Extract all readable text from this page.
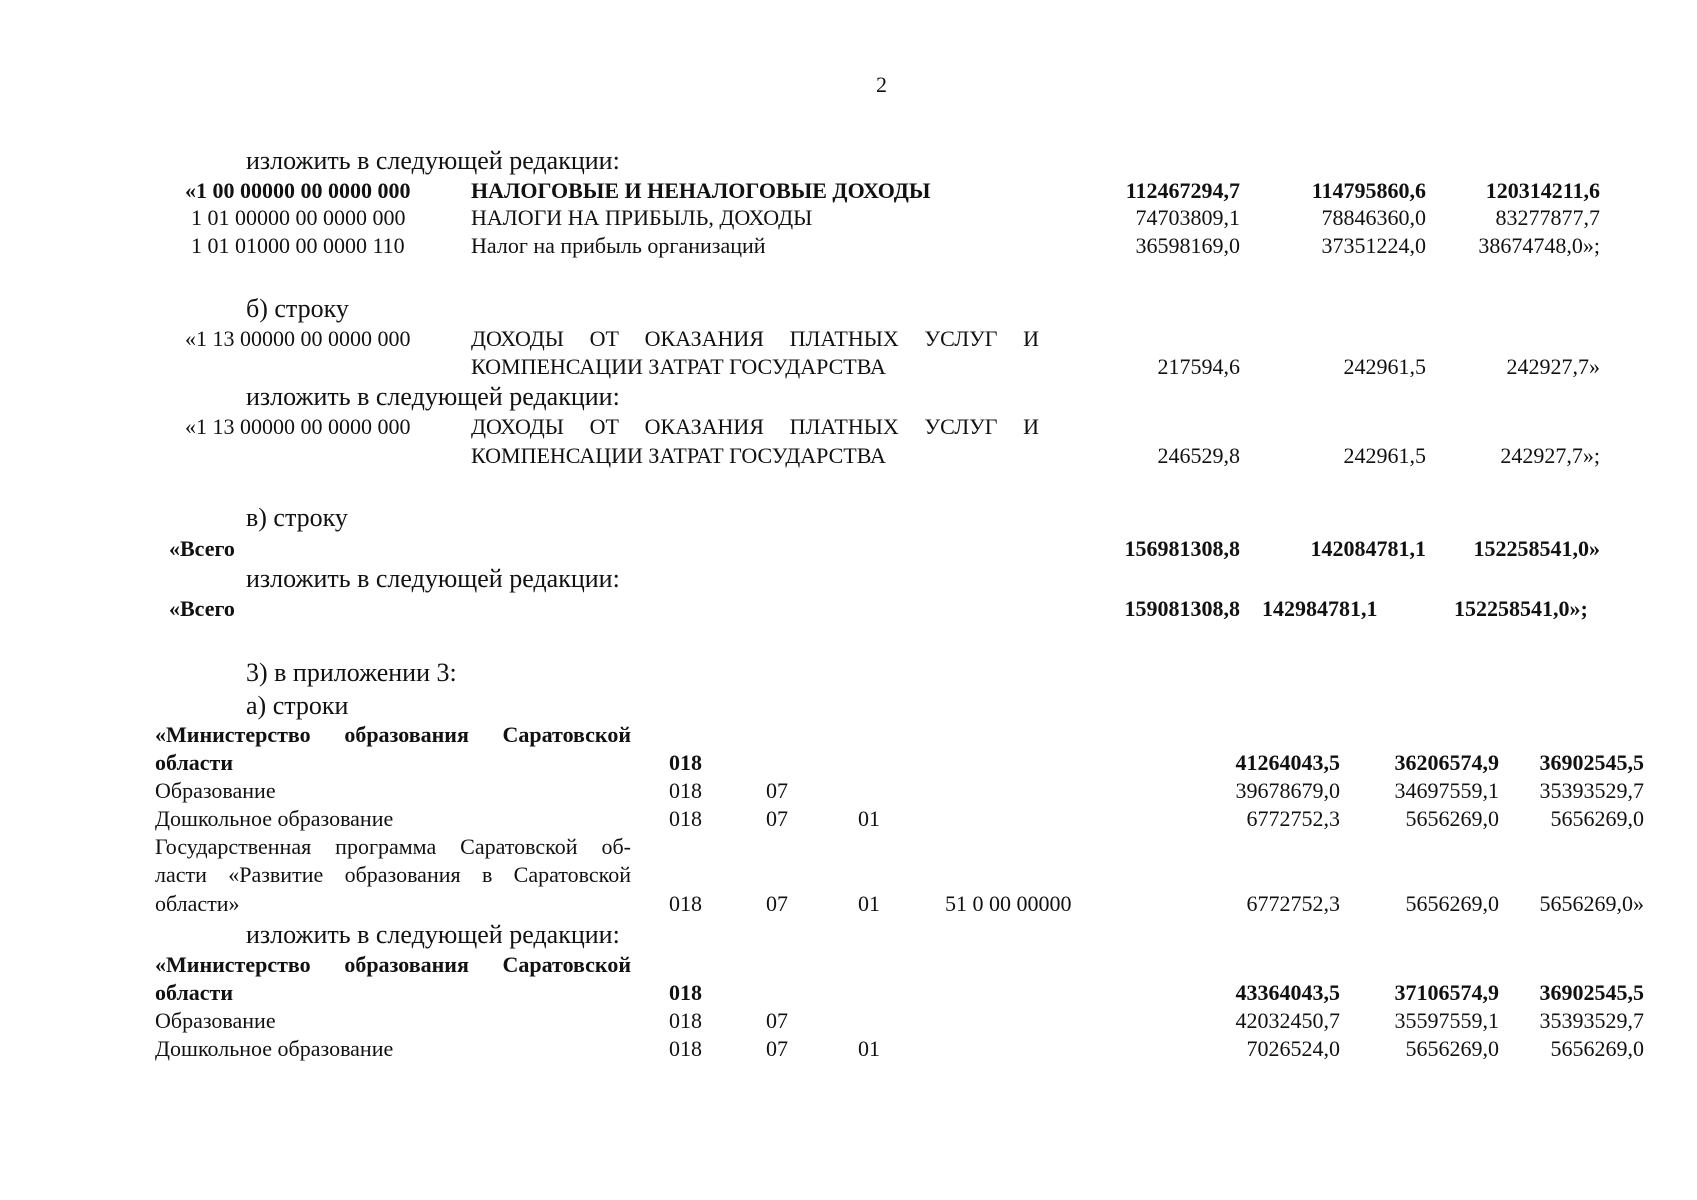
2
изложить в следующей редакции:
«1 00 00000 00 0000 000	НАЛОГОВЫЕ И НЕНАЛОГОВЫЕ ДОХОДЫ	112467294,7	114795860,6	120314211,6
1 01 00000 00 0000 000	НАЛОГИ НА ПРИБЫЛЬ, ДОХОДЫ	74703809,1	78846360,0	83277877,7
1 01 01000 00 0000 110	Налог на прибыль организаций	36598169,0	37351224,0	38674748,0»;
б) строку
«1 13 00000 00 0000 000	ДОХОДЫ ОТ ОКАЗАНИЯ ПЛАТНЫХ УСЛУГ И
КОМПЕНСАЦИИ ЗАТРАТ ГОСУДАРСТВА	217594,6	242961,5	242927,7»
изложить в следующей редакции:
«1 13 00000 00 0000 000	ДОХОДЫ ОТ ОКАЗАНИЯ ПЛАТНЫХ УСЛУГ И
КОМПЕНСАЦИИ ЗАТРАТ ГОСУДАРСТВА	246529,8	242961,5	242927,7»;
в) строку
«Всего	156981308,8	142084781,1	152258541,0»
изложить в следующей редакции:
«Всего	159081308,8 142984781,1	152258541,0»;
3) в приложении 3:
а) строки
«Министерство образования Саратовской
области	018	41264043,5	36206574,9	36902545,5
Образование	018	07	39678679,0	34697559,1	35393529,7
Дошкольное образование	018	07	01	6772752,3	5656269,0	5656269,0
Государственная программа Саратовской об-
ласти «Развитие образования в Саратовской
области»	018	07	01	51 0 00 00000	6772752,3	5656269,0	5656269,0»
изложить в следующей редакции:
«Министерство образования Саратовской
области	018	43364043,5	37106574,9	36902545,5
Образование	018	07	42032450,7	35597559,1	35393529,7
Дошкольное образование	018	07	01	7026524,0	5656269,0	5656269,0
